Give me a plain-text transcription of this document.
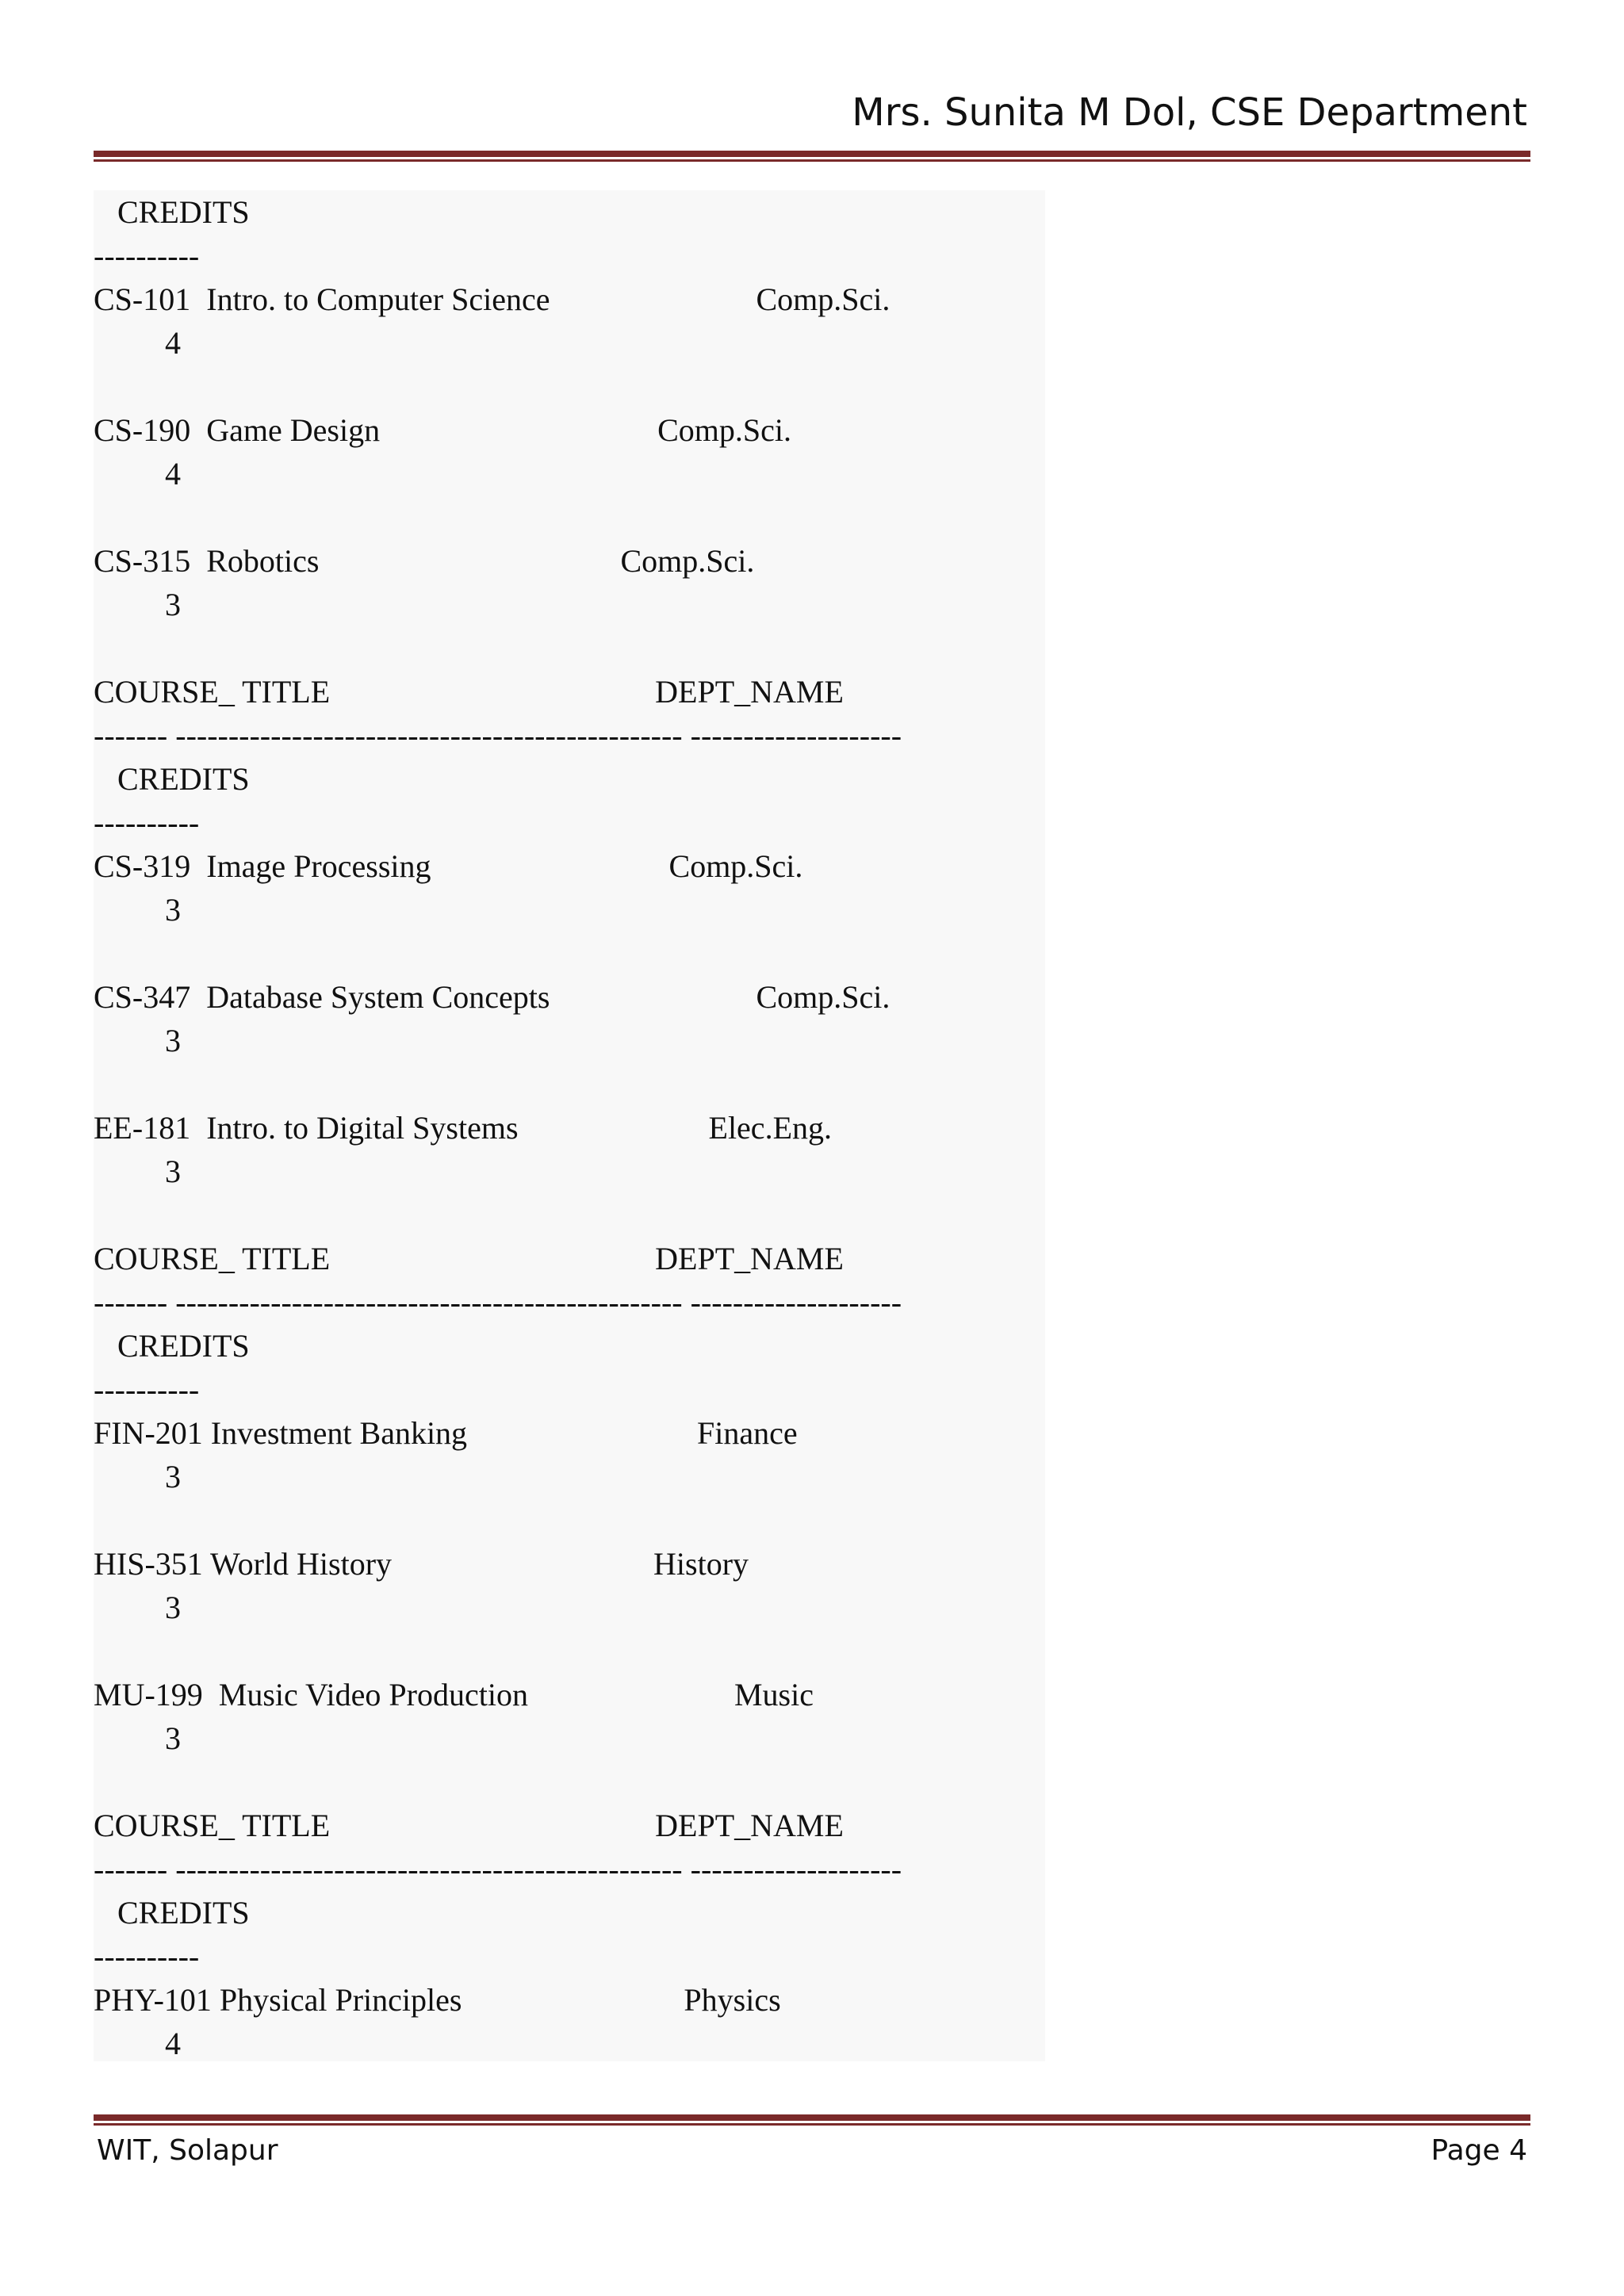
Mrs. Sunita M Dol, CSE Department
CREDITS
----------
CS-101  Intro. to Computer Science                          Comp.Sci.
4
CS-190  Game Design                                   Comp.Sci.
4
CS-315  Robotics                                      Comp.Sci.
3
COURSE_ TITLE                                         DEPT_NAME
------- ------------------------------------------------ --------------------
CREDITS
----------
CS-319  Image Processing                              Comp.Sci.
3
CS-347  Database System Concepts                          Comp.Sci.
3
EE-181  Intro. to Digital Systems                        Elec.Eng.
3
COURSE_ TITLE                                         DEPT_NAME
------- ------------------------------------------------ --------------------
CREDITS
----------
FIN-201 Investment Banking                             Finance
3
HIS-351 World History                                 History
3
MU-199  Music Video Production                          Music
3
COURSE_ TITLE                                         DEPT_NAME
------- ------------------------------------------------ --------------------
CREDITS
----------
PHY-101 Physical Principles                            Physics
4
WIT, Solapur	Page 4
